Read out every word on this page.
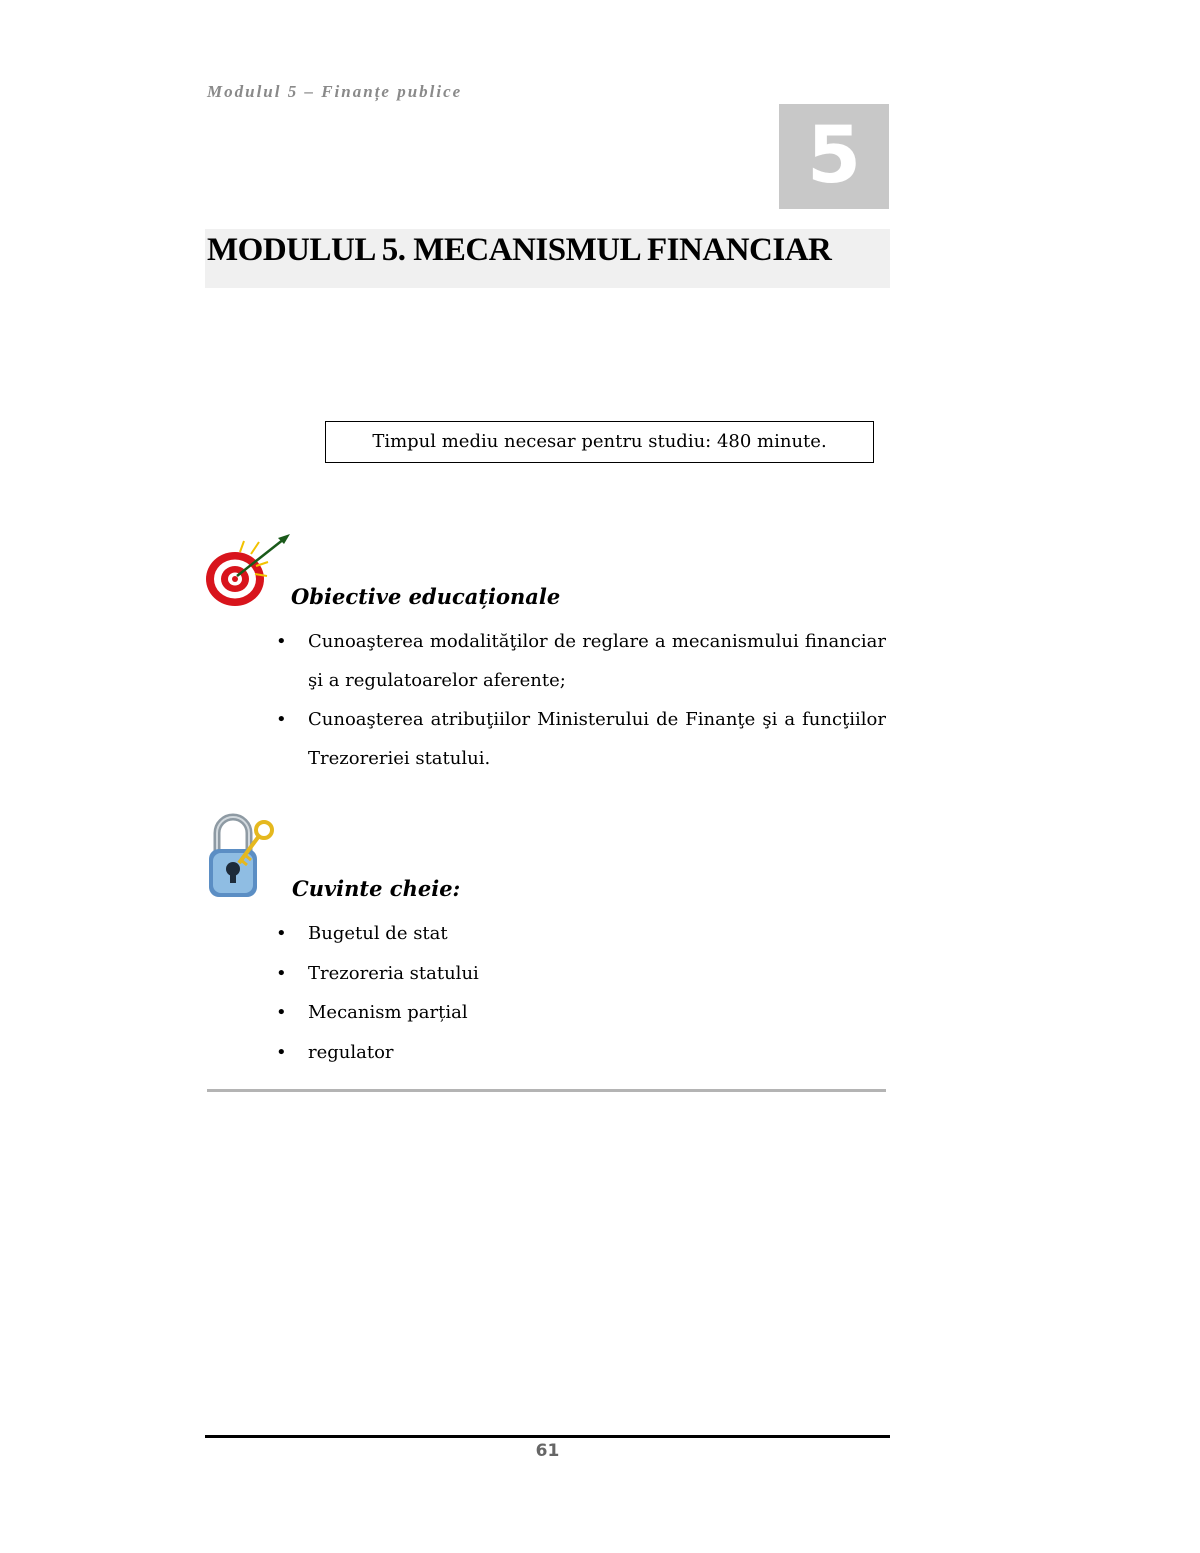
Modulul 5 – Finanțe publice
5
MODULUL 5. MECANISMUL FINANCIAR
Timpul mediu necesar pentru studiu: 480 minute.
Obiective educaționale
• Cunoaşterea modalităţilor de reglare a mecanismului financiar şi a regulatoarelor aferente;
• Cunoaşterea atribuţiilor Ministerului de Finanţe şi a funcţiilor Trezoreriei statului.
Cuvinte cheie:
• Bugetul de stat
• Trezoreria statului
• Mecanism parțial
• regulator
61
